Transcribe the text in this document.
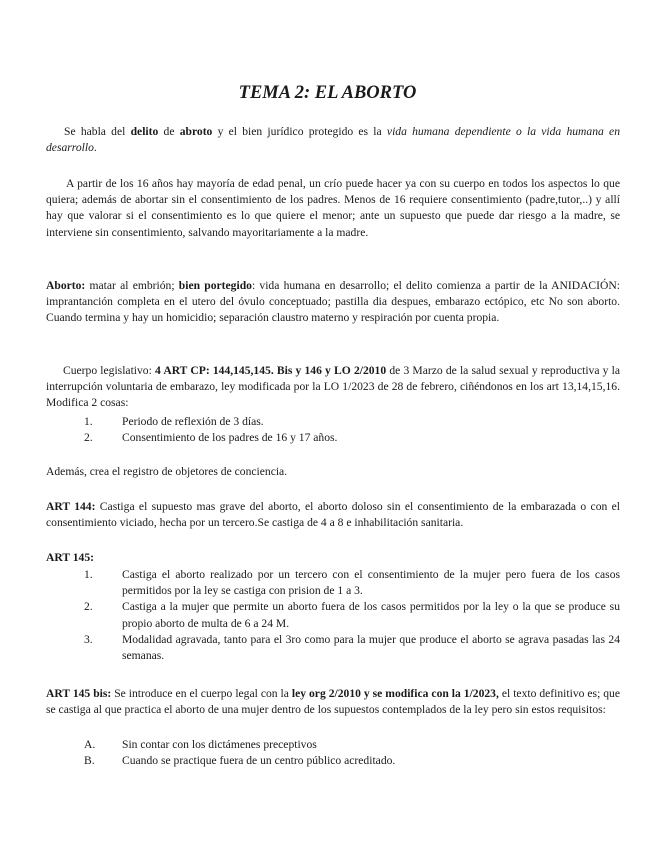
TEMA 2: EL ABORTO

Se habla del delito de abroto y el bien jurídico protegido es la vida humana dependiente o la vida humana en desarrollo.

A partir de los 16 años hay mayoría de edad penal, un crío puede hacer ya con su cuerpo en todos los aspectos lo que quiera; además de abortar sin el consentimiento de los padres. Menos de 16 requiere consentimiento (padre,tutor,..) y allí hay que valorar si el consentimiento es lo que quiere el menor; ante un supuesto que puede dar riesgo a la madre, se interviene sin consentimiento, salvando mayoritariamente a la madre.

Aborto: matar al embrión; bien portegido: vida humana en desarrollo; el delito comienza a partir de la ANIDACIÓN: imprantanción completa en el utero del óvulo conceptuado; pastilla dia despues, embarazo ectópico, etc No son aborto. Cuando termina y hay un homicidio; separación claustro materno y respiración por cuenta propia.

Cuerpo legislativo: 4 ART CP: 144,145,145. Bis y 146 y LO 2/2010 de 3 Marzo de la salud sexual y reproductiva y la interrupción voluntaria de embarazo, ley modificada por la LO 1/2023 de 28 de febrero, ciñéndonos en los art 13,14,15,16. Modifica 2 cosas:

1.	Periodo de reflexión de 3 días.
2.	Consentimiento de los padres de 16 y 17 años.

Además, crea el registro de objetores de conciencia.

ART 144: Castiga el supuesto mas grave del aborto, el aborto doloso sin el consentimiento de la embarazada o con el consentimiento viciado, hecha por un tercero.Se castiga de 4 a 8 e inhabilitación sanitaria.

ART 145:

1.	Castiga el aborto realizado por un tercero con el consentimiento de la mujer pero fuera de los casos permitidos por la ley se castiga con prision de 1 a 3.
2.	Castiga a la mujer que permite un aborto fuera de los casos permitidos por la ley o la que se produce su propio aborto de multa de 6 a 24 M.
3.	Modalidad agravada, tanto para el 3ro como para la mujer que produce el aborto se agrava pasadas las 24 semanas.

ART 145 bis: Se introduce en el cuerpo legal con la ley org 2/2010 y se modifica con la 1/2023, el texto definitivo es; que se castiga al que practica el aborto de una mujer dentro de los supuestos contemplados de la ley pero sin estos requisitos:

A. Sin contar con los dictámenes preceptivos
B. Cuando se practique fuera de un centro público acreditado.
